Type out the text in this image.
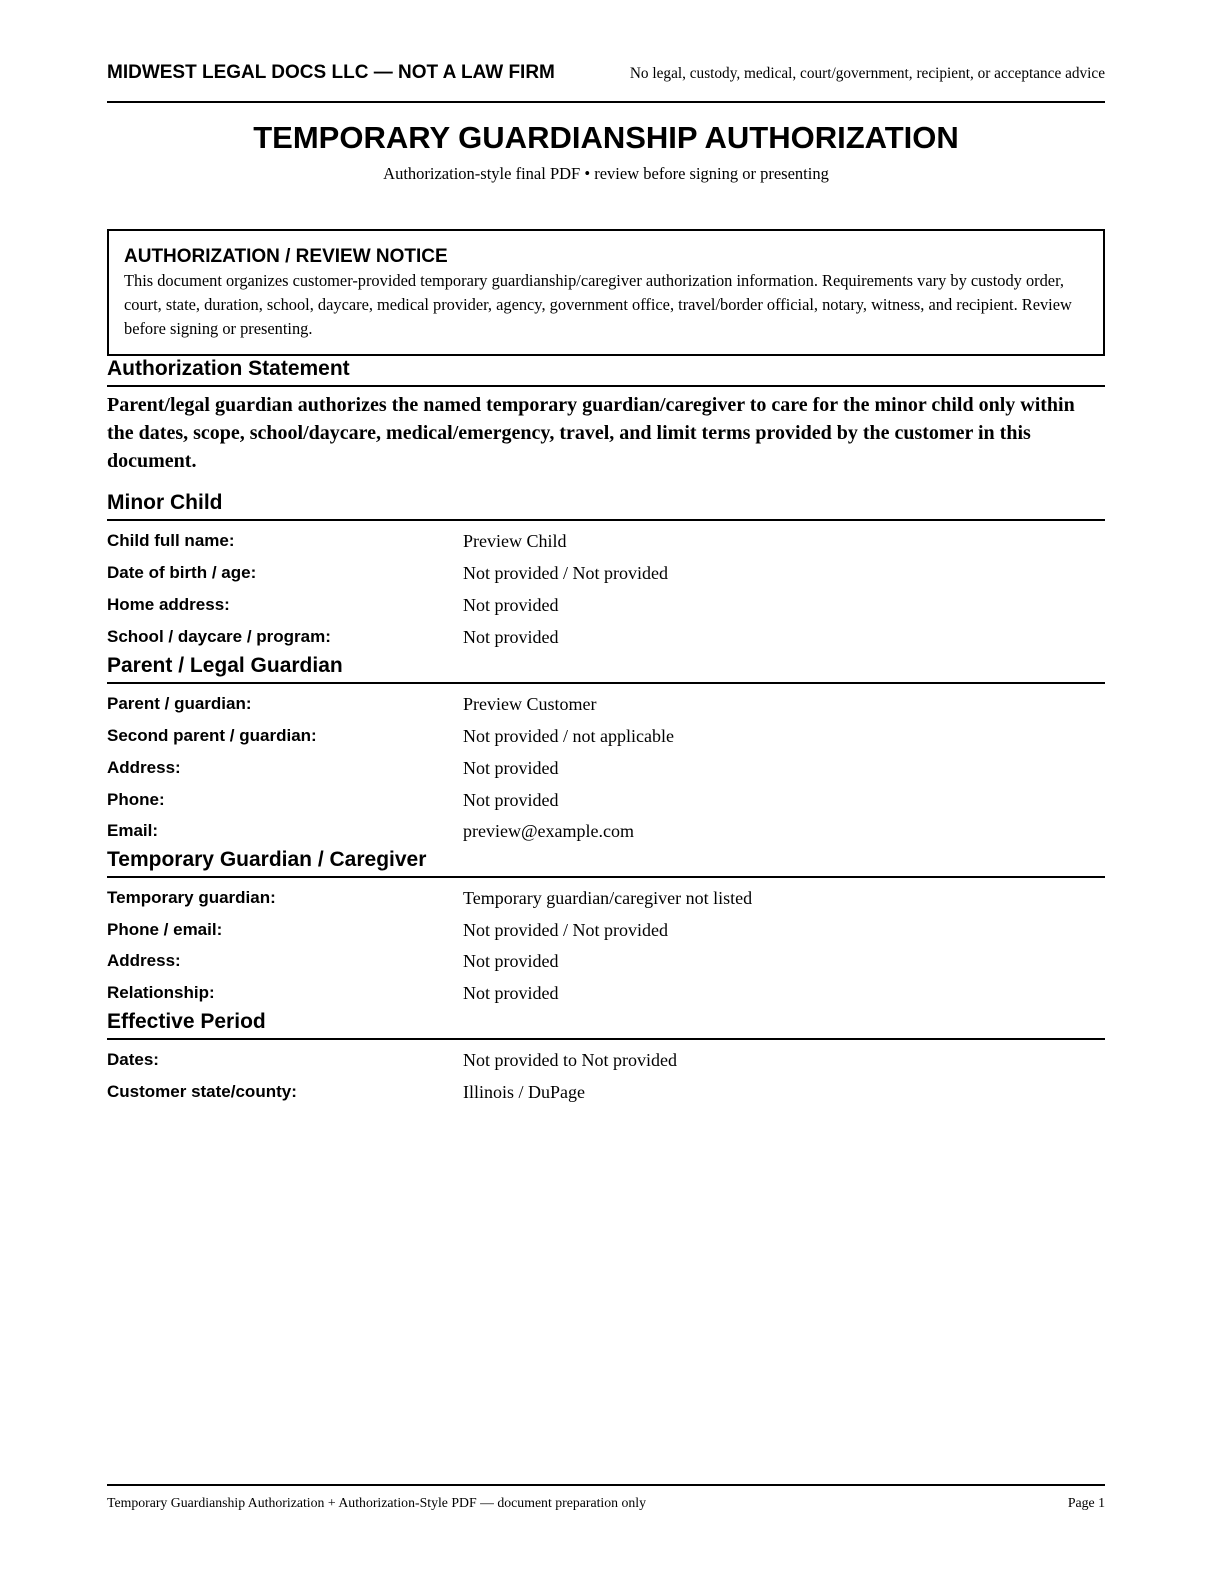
MIDWEST LEGAL DOCS LLC — NOT A LAW FIRM	No legal, custody, medical, court/government, recipient, or acceptance advice
TEMPORARY GUARDIANSHIP AUTHORIZATION
Authorization-style final PDF • review before signing or presenting
AUTHORIZATION / REVIEW NOTICE
This document organizes customer-provided temporary guardianship/caregiver authorization information. Requirements vary by custody order, court, state, duration, school, daycare, medical provider, agency, government office, travel/border official, notary, witness, and recipient. Review before signing or presenting.
Authorization Statement
Parent/legal guardian authorizes the named temporary guardian/caregiver to care for the minor child only within the dates, scope, school/daycare, medical/emergency, travel, and limit terms provided by the customer in this document.
Minor Child
Child full name:	Preview Child
Date of birth / age:	Not provided / Not provided
Home address:	Not provided
School / daycare / program:	Not provided
Parent / Legal Guardian
Parent / guardian:	Preview Customer
Second parent / guardian:	Not provided / not applicable
Address:	Not provided
Phone:	Not provided
Email:	preview@example.com
Temporary Guardian / Caregiver
Temporary guardian:	Temporary guardian/caregiver not listed
Phone / email:	Not provided / Not provided
Address:	Not provided
Relationship:	Not provided
Effective Period
Dates:	Not provided to Not provided
Customer state/county:	Illinois / DuPage
Temporary Guardianship Authorization + Authorization-Style PDF — document preparation only	Page 1
